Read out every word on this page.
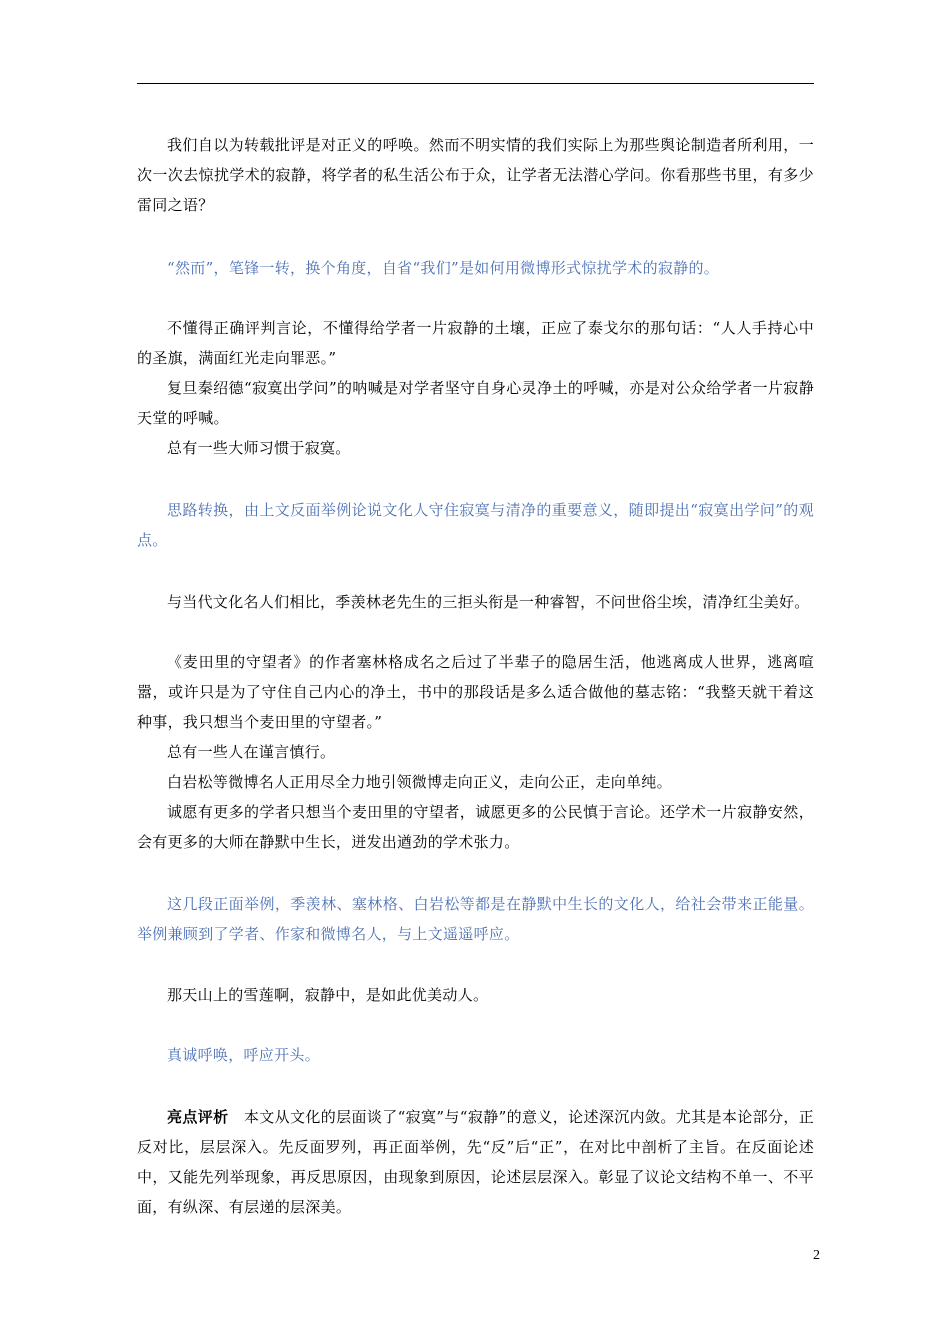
我们自以为转载批评是对正义的呼唤。然而不明实情的我们实际上为那些舆论制造者所利用，一次一次去惊扰学术的寂静，将学者的私生活公布于众，让学者无法潜心学问。你看那些书里，有多少雷同之语？

“然而”，笔锋一转，换个角度，自省“我们”是如何用微博形式惊扰学术的寂静的。

不懂得正确评判言论，不懂得给学者一片寂静的土壤，正应了泰戈尔的那句话：“人人手持心中的圣旗，满面红光走向罪恶。”

复旦秦绍德“寂寞出学问”的呐喊是对学者坚守自身心灵净土的呼喊，亦是对公众给学者一片寂静天堂的呼喊。

总有一些大师习惯于寂寞。

思路转换，由上文反面举例论说文化人守住寂寞与清净的重要意义，随即提出“寂寞出学问”的观点。

与当代文化名人们相比，季羡林老先生的三拒头衔是一种睿智，不问世俗尘埃，清净红尘美好。

《麦田里的守望者》的作者塞林格成名之后过了半辈子的隐居生活，他逃离成人世界，逃离喧嚣，或许只是为了守住自己内心的净土，书中的那段话是多么适合做他的墓志铭：“我整天就干着这种事，我只想当个麦田里的守望者。”

总有一些人在谨言慎行。

白岩松等微博名人正用尽全力地引领微博走向正义，走向公正，走向单纯。

诚愿有更多的学者只想当个麦田里的守望者，诚愿更多的公民慎于言论。还学术一片寂静安然，会有更多的大师在静默中生长，迸发出遒劲的学术张力。

这几段正面举例，季羡林、塞林格、白岩松等都是在静默中生长的文化人，给社会带来正能量。举例兼顾到了学者、作家和微博名人，与上文遥遥呼应。

那天山上的雪莲啊，寂静中，是如此优美动人。

真诚呼唤，呼应开头。

亮点评析  本文从文化的层面谈了“寂寞”与“寂静”的意义，论述深沉内敛。尤其是本论部分，正反对比，层层深入。先反面罗列，再正面举例，先“反”后“正”，在对比中剖析了主旨。在反面论述中，又能先列举现象，再反思原因，由现象到原因，论述层层深入。彰显了议论文结构不单一、不平面，有纵深、有层递的层深美。

2
